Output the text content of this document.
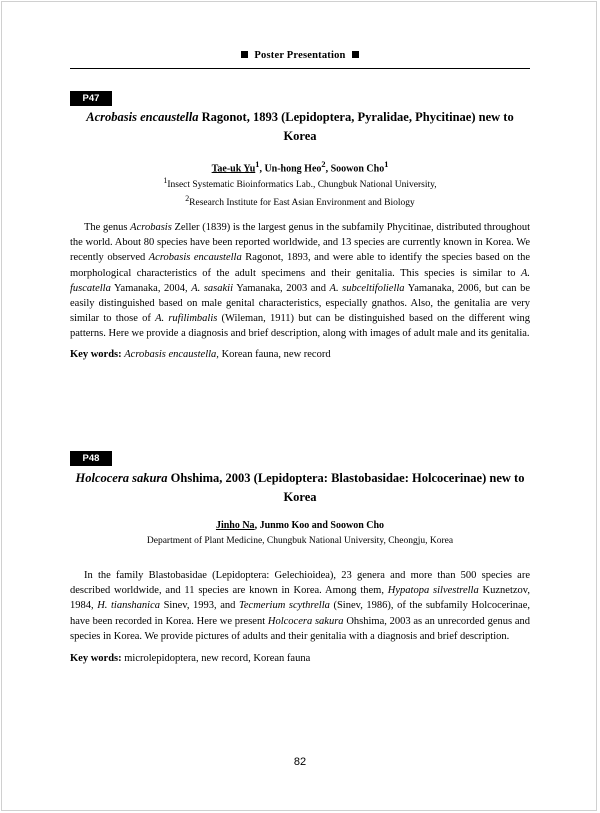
Poster Presentation
P47
Acrobasis encaustella Ragonot, 1893 (Lepidoptera, Pyralidae, Phycitinae) new to Korea
Tae-uk Yu$^1$, Un-hong Heo$^2$, Soowon Cho$^1$
$^1$Insect Systematic Bioinformatics Lab., Chungbuk National University,
$^2$Research Institute for East Asian Environment and Biology

The genus Acrobasis Zeller (1839) is the largest genus in the subfamily Phycitinae, distributed throughout the world. About 80 species have been reported worldwide, and 13 species are currently known in Korea. We recently observed Acrobasis encaustella Ragonot, 1893, and were able to identify the species based on the morphological characteristics of the adult specimens and their genitalia. This species is similar to A. fuscatella Yamanaka, 2004, A. sasakii Yamanaka, 2003 and A. subceltifoliella Yamanaka, 2006, but can be easily distinguished based on male genital characteristics, especially gnathos. Also, the genitalia are very similar to those of A. rufilimbalis (Wileman, 1911) but can be distinguished based on the different wing patterns. Here we provide a diagnosis and brief description, along with images of adult male and its genitalia.

Key words: Acrobasis encaustella, Korean fauna, new record
P48
Holcocera sakura Ohshima, 2003 (Lepidoptera: Blastobasidae: Holcocerinae) new to Korea
Jinho Na, Junmo Koo and Soowon Cho
Department of Plant Medicine, Chungbuk National University, Cheongju, Korea

In the family Blastobasidae (Lepidoptera: Gelechioidea), 23 genera and more than 500 species are described worldwide, and 11 species are known in Korea. Among them, Hypatopa silvestrella Kuznetzov, 1984, H. tianshanica Sinev, 1993, and Tecmerium scythrella (Sinev, 1986), of the subfamily Holcocerinae, have been recorded in Korea. Here we present Holcocera sakura Ohshima, 2003 as an unrecorded genus and species in Korea. We provide pictures of adults and their genitalia with a diagnosis and brief description.

Key words: microlepidoptera, new record, Korean fauna
82
